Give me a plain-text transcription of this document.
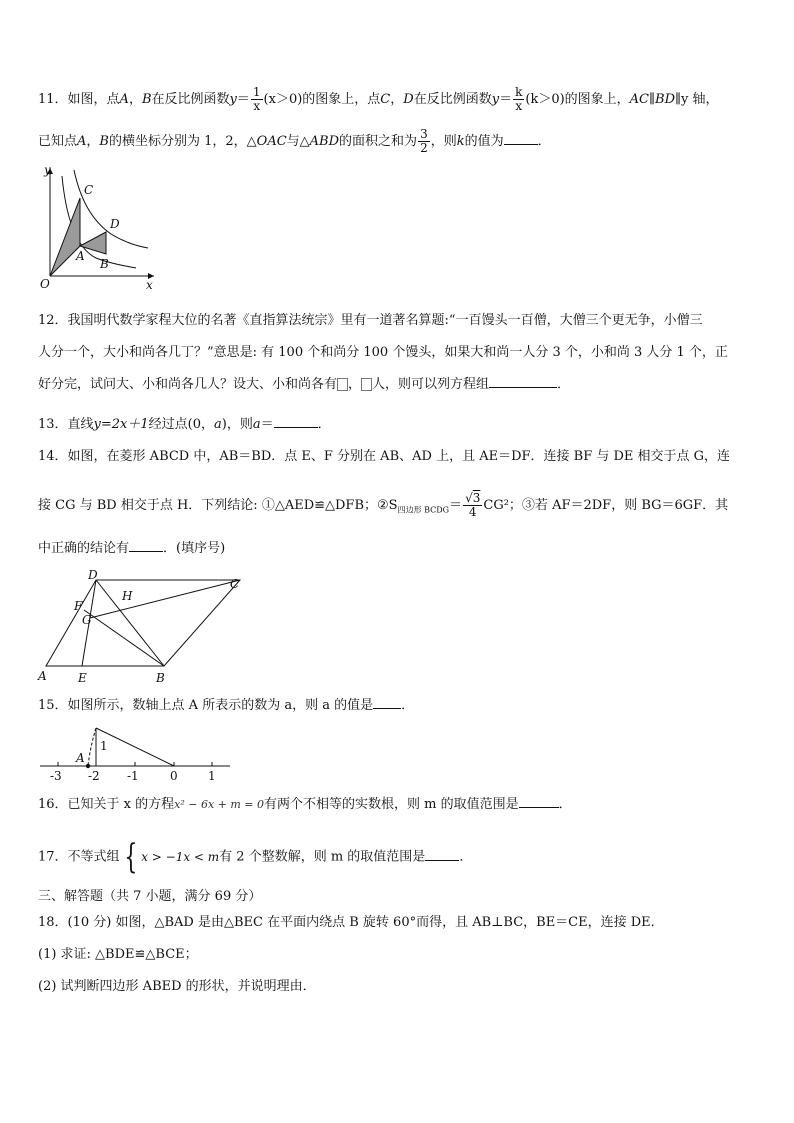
11．如图，点A，B在反比例函数$y= \frac{1}{x} (x>0)$的图象上，点C，D在反比例函数$y= \frac{k}{x} (k>0)$的图象上，AC∥BD∥y 轴，
已知点A，B的横坐标分别为 1，2，△OAC与△ABD的面积之和为 $\frac{3}{2}$ ，则k的值为	．
y
C
D
A
B
O	x
12．我国明代数学家程大位的名著《直指算法统宗》里有一道著名算题:“一百馒头一百僧，大僧三个更无争，小僧三
人分一个，大小和尚各几丁？”意思是: 有 100 个和尚分 100 个馒头，如果大和尚一人分 3 个，小和尚 3 人分 1 个，正
好分完，试问大、小和尚各几人？设大、小和尚各有 ， 人，则可以列方程组	．
13．直线y=2x＋1经过点(0，a)，则a＝	．
14．如图，在菱形 ABCD 中，AB＝BD．点 E、F 分别在 AB、AD 上，且 AE＝DF．连接 BF 与 DE 相交于点 G，连
接 CG 与 BD 相交于点 H．下列结论: ①△AED≌△DFB；$②S_{四边形 BCDG}= \frac{√3}{4} CG^2$；③若 AF＝2DF，则 BG＝6GF．其
中正确的结论有	．(填序号)
D
C
F
H
G
A	E	B
15．如图所示，数轴上点 A 所表示的数为 a，则 a 的值是 ．
A
1
-3 -2 -1	0	1
16．已知关于 x 的方程x² − 6x + m = 0有两个不相等的实数根，则 m 的取值范围是	．
17．不等式组 { x > −1x < m有 2 个整数解，则 m 的取值范围是	．
三、解答题（共 7 小题，满分 69 分）
18．(10 分) 如图，△BAD 是由△BEC 在平面内绕点 B 旋转 60°而得，且 AB⊥BC，BE＝CE，连接 DE．
(1) 求证: △BDE≌△BCE；
(2) 试判断四边形 ABED 的形状，并说明理由．
